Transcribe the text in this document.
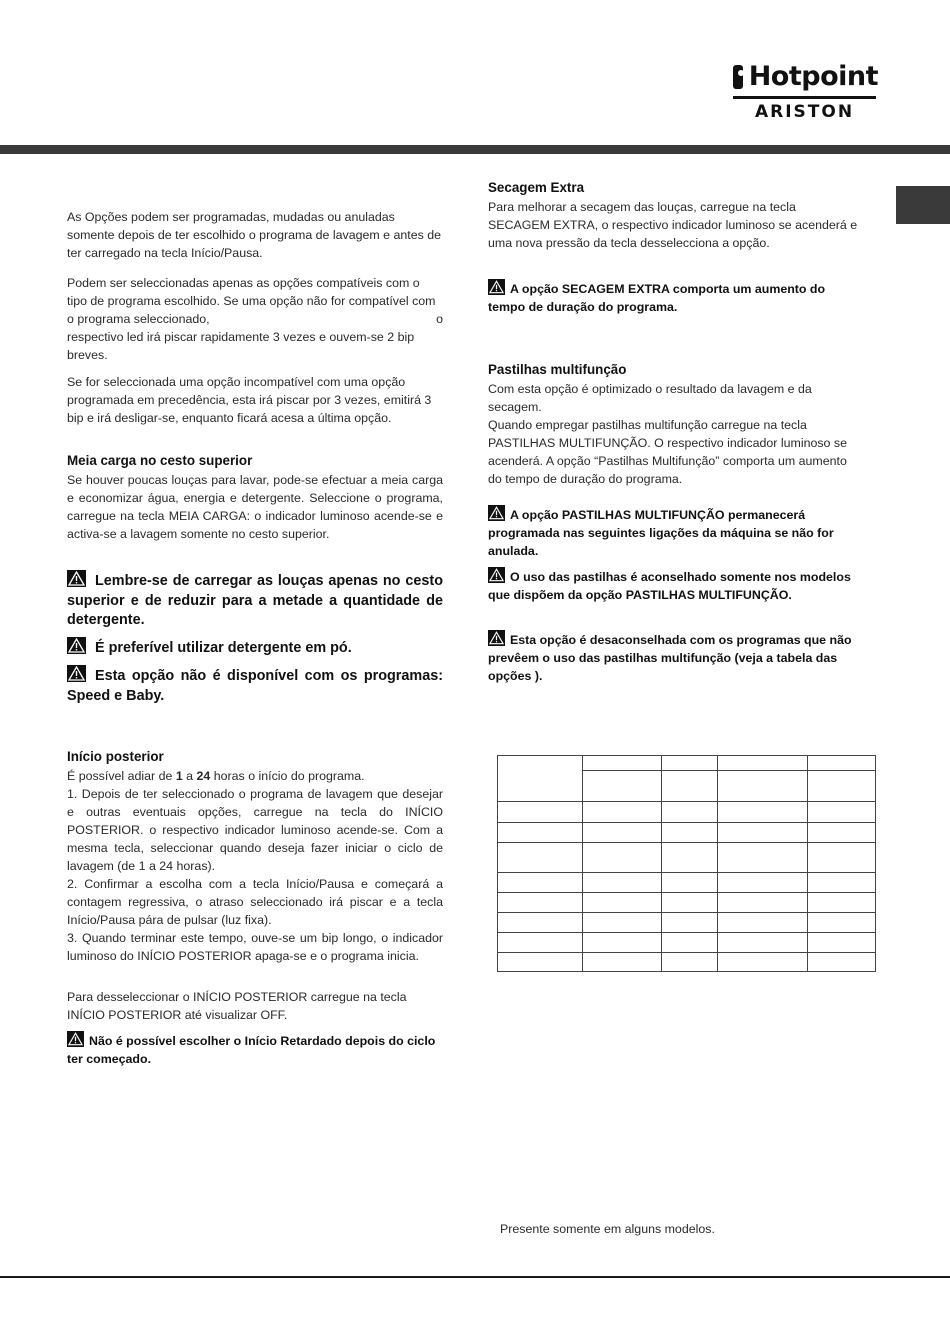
Hotpoint
ARISTON
As Opções podem ser programadas, mudadas ou anuladas somente depois de ter escolhido o programa de lavagem e antes de ter carregado na tecla Início/Pausa.
Podem ser seleccionadas apenas as opções compatíveis com o tipo de programa escolhido. Se uma opção não for compatível com o programa seleccionado,	o
respectivo led irá piscar rapidamente 3 vezes e ouvem-se 2 bip breves.
Se for seleccionada uma opção incompatível com uma opção programada em precedência, esta irá piscar por 3 vezes, emitirá 3 bip e irá desligar-se, enquanto ficará acesa a última opção.
Meia carga no cesto superior
Se houver poucas louças para lavar, pode-se efectuar a meia carga e economizar água, energia e detergente. Seleccione o programa, carregue na tecla MEIA CARGA: o indicador luminoso acende-se e activa-se a lavagem somente no cesto superior.
Lembre-se de carregar as louças apenas no cesto superior e de reduzir para a metade a quantidade de detergente.
É preferível utilizar detergente em pó.
Esta opção não é disponível com os programas: Speed e Baby.
Início posterior
É possível adiar de 1 a 24 horas o início do programa.
1. Depois de ter seleccionado o programa de lavagem que desejar e outras eventuais opções, carregue na tecla do INÍCIO POSTERIOR. o respectivo indicador luminoso acende-se. Com a mesma tecla, seleccionar quando deseja fazer iniciar o ciclo de lavagem (de 1 a 24 horas).
2. Confirmar a escolha com a tecla Início/Pausa e começará a contagem regressiva, o atraso seleccionado irá piscar e a tecla Início/Pausa pára de pulsar (luz fixa).
3. Quando terminar este tempo, ouve-se um bip longo, o indicador luminoso do INÍCIO POSTERIOR apaga-se e o programa inicia.
Para desseleccionar o INÍCIO POSTERIOR carregue na tecla INÍCIO POSTERIOR até visualizar OFF.
Não é possível escolher o Início Retardado depois do ciclo ter começado.
Secagem Extra
Para melhorar a secagem das louças, carregue na tecla SECAGEM EXTRA, o respectivo indicador luminoso se acenderá e uma nova pressão da tecla desselecciona a opção.
A opção SECAGEM EXTRA comporta um aumento do tempo de duração do programa.
Pastilhas multifunção
Com esta opção é optimizado o resultado da lavagem e da secagem.
Quando empregar pastilhas multifunção carregue na tecla PASTILHAS MULTIFUNÇÃO. O respectivo indicador luminoso se acenderá. A opção “Pastilhas Multifunção” comporta um aumento do tempo de duração do programa.
A opção PASTILHAS MULTIFUNÇÃO permanecerá programada nas seguintes ligações da máquina se não for anulada.
O uso das pastilhas é aconselhado somente nos modelos que dispõem da opção PASTILHAS MULTIFUNÇÃO.
Esta opção é desaconselhada com os programas que não prevêem o uso das pastilhas multifunção (veja a tabela das opções ).

Presente somente em alguns modelos.
